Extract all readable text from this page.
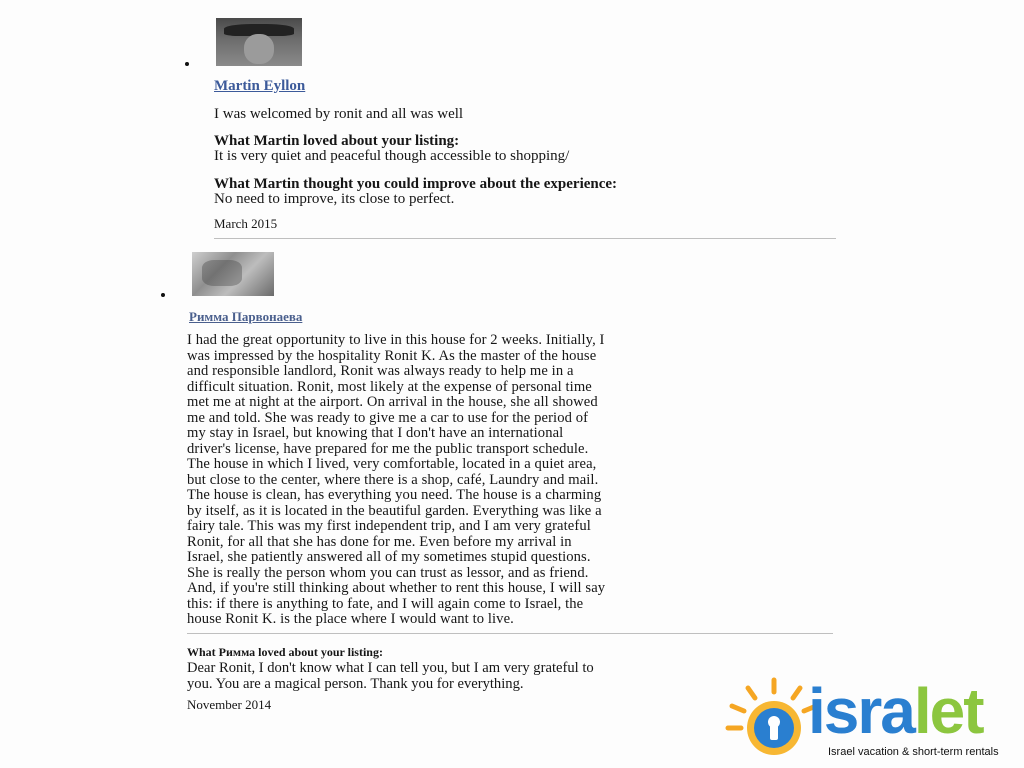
Martin Eyllon
I was welcomed by ronit and all was well
What Martin loved about your listing:
It is very quiet and peaceful though accessible to shopping/
What Martin thought you could improve about the experience:
No need to improve, its close to perfect.
March 2015
Римма Парвонаева
I had the great opportunity to live in this house for 2 weeks. Initially, I
was impressed by the hospitality Ronit K. As the master of the house
and responsible landlord, Ronit was always ready to help me in a
difficult situation. Ronit, most likely at the expense of personal time
met me at night at the airport. On arrival in the house, she all showed
me and told. She was ready to give me a car to use for the period of
my stay in Israel, but knowing that I don't have an international
driver's license, have prepared for me the public transport schedule.
The house in which I lived, very comfortable, located in a quiet area,
but close to the center, where there is a shop, café, Laundry and mail.
The house is clean, has everything you need. The house is a charming
by itself, as it is located in the beautiful garden. Everything was like a
fairy tale. This was my first independent trip, and I am very grateful
Ronit, for all that she has done for me. Even before my arrival in
Israel, she patiently answered all of my sometimes stupid questions.
She is really the person whom you can trust as lessor, and as friend.
And, if you're still thinking about whether to rent this house, I will say
this: if there is anything to fate, and I will again come to Israel, the
house Ronit K. is the place where I would want to live.
What Римма loved about your listing:
Dear Ronit, I don't know what I can tell you, but I am very grateful to
you. You are a magical person. Thank you for everything.
November 2014	isralet
Israel vacation & short-term rentals
